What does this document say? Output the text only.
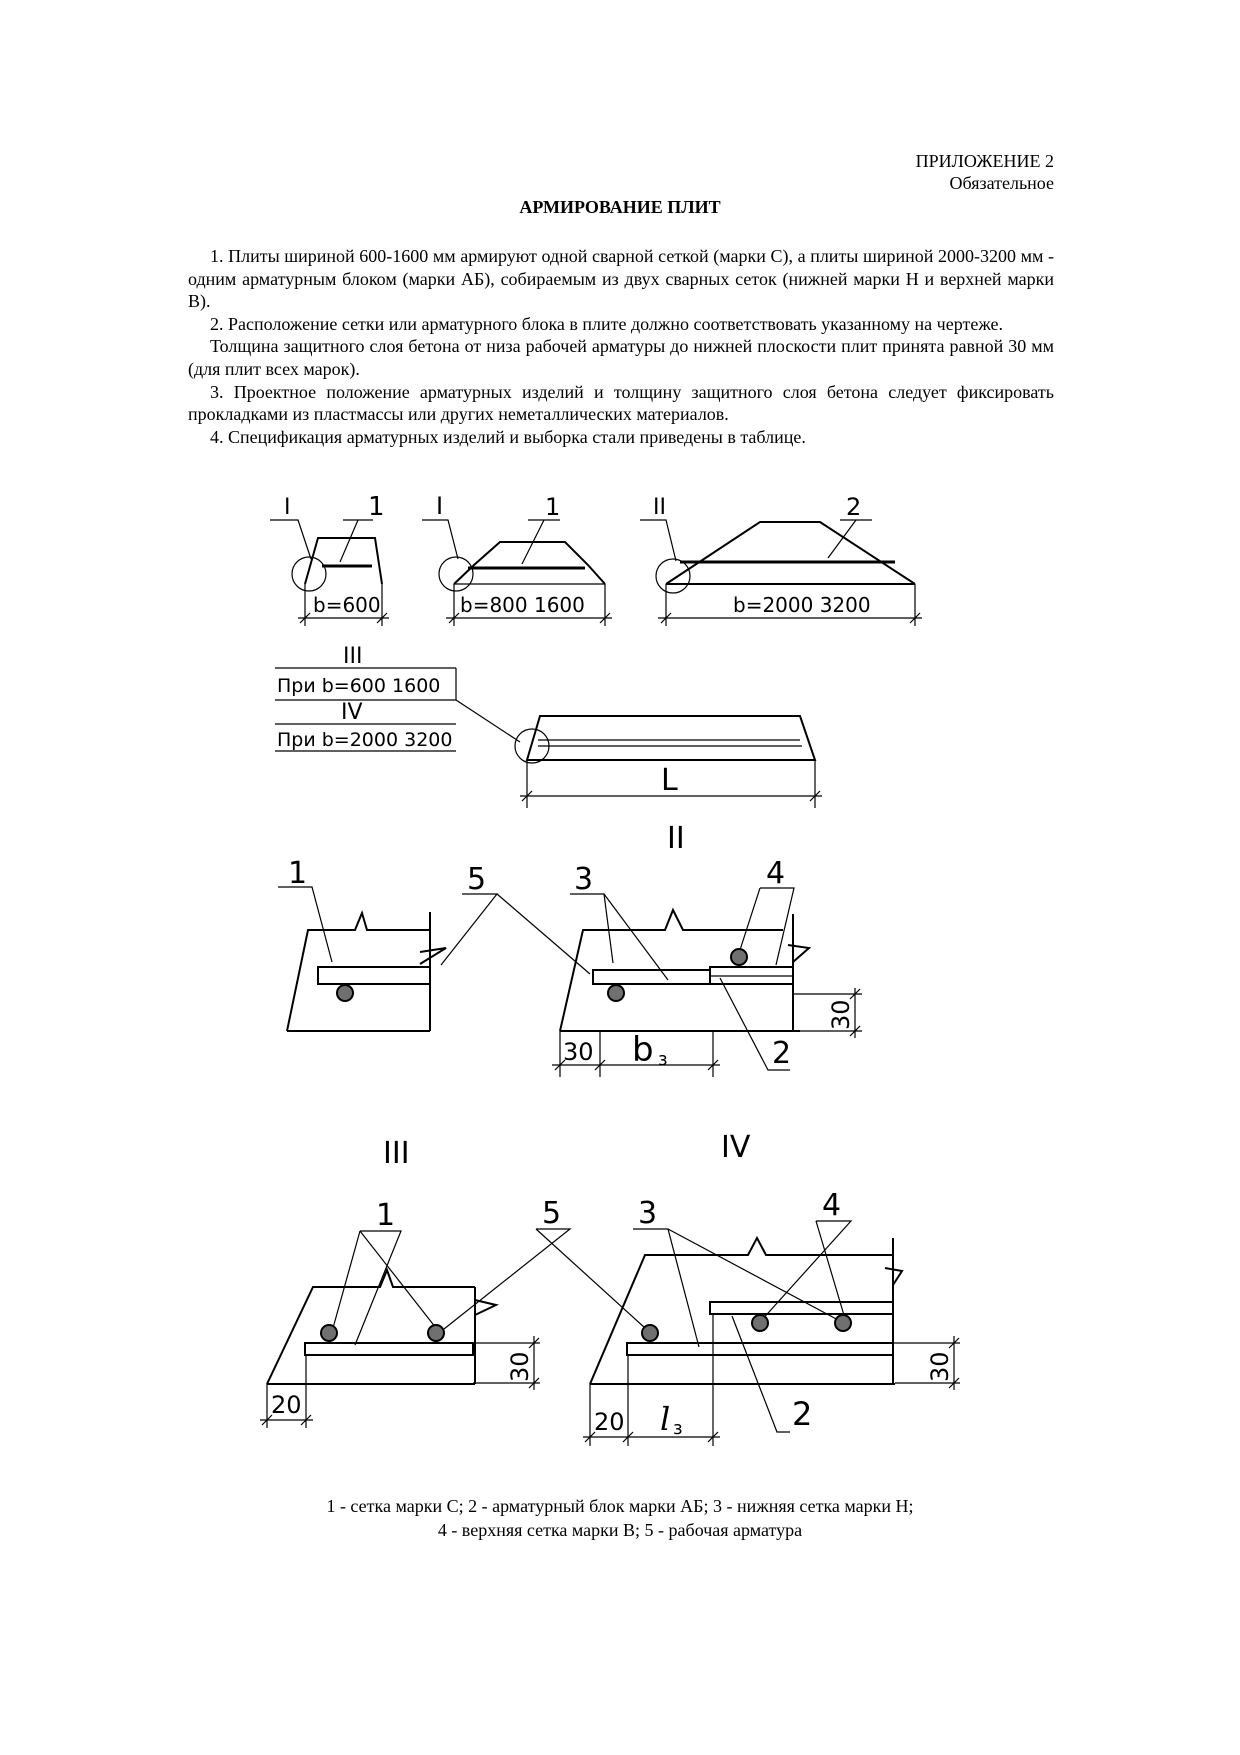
ПРИЛОЖЕНИЕ 2
Обязательное
АРМИРОВАНИЕ ПЛИТ

1. Плиты шириной 600-1600 мм армируют одной сварной сеткой (марки С), а плиты шириной 2000-3200 мм - одним арматурным блоком (марки АБ), собираемым из двух сварных сеток (нижней марки Н и верхней марки В).

2. Расположение сетки или арматурного блока в плите должно соответствовать указанному на чертеже.

Толщина защитного слоя бетона от низа рабочей арматуры до нижней плоскости плит принята равной 30 мм (для плит всех марок).

3. Проектное положение арматурных изделий и толщину защитного слоя бетона следует фиксировать прокладками из пластмассы или других неметаллических материалов.

4. Спецификация арматурных изделий и выборка стали приведены в таблице.

I	1
b=600
I	1
b=800 1600
II	2
b=2000 3200
III
При b=600 1600
IV
При b=2000 3200
L
1	5
II
3	4
2
30 b з
30
III
1	5
30
20
IV
3	4
2
20 l з
30
1 - сетка марки С; 2 - арматурный блок марки АБ; 3 - нижняя сетка марки Н;
4 - верхняя сетка марки В; 5 - рабочая арматура
